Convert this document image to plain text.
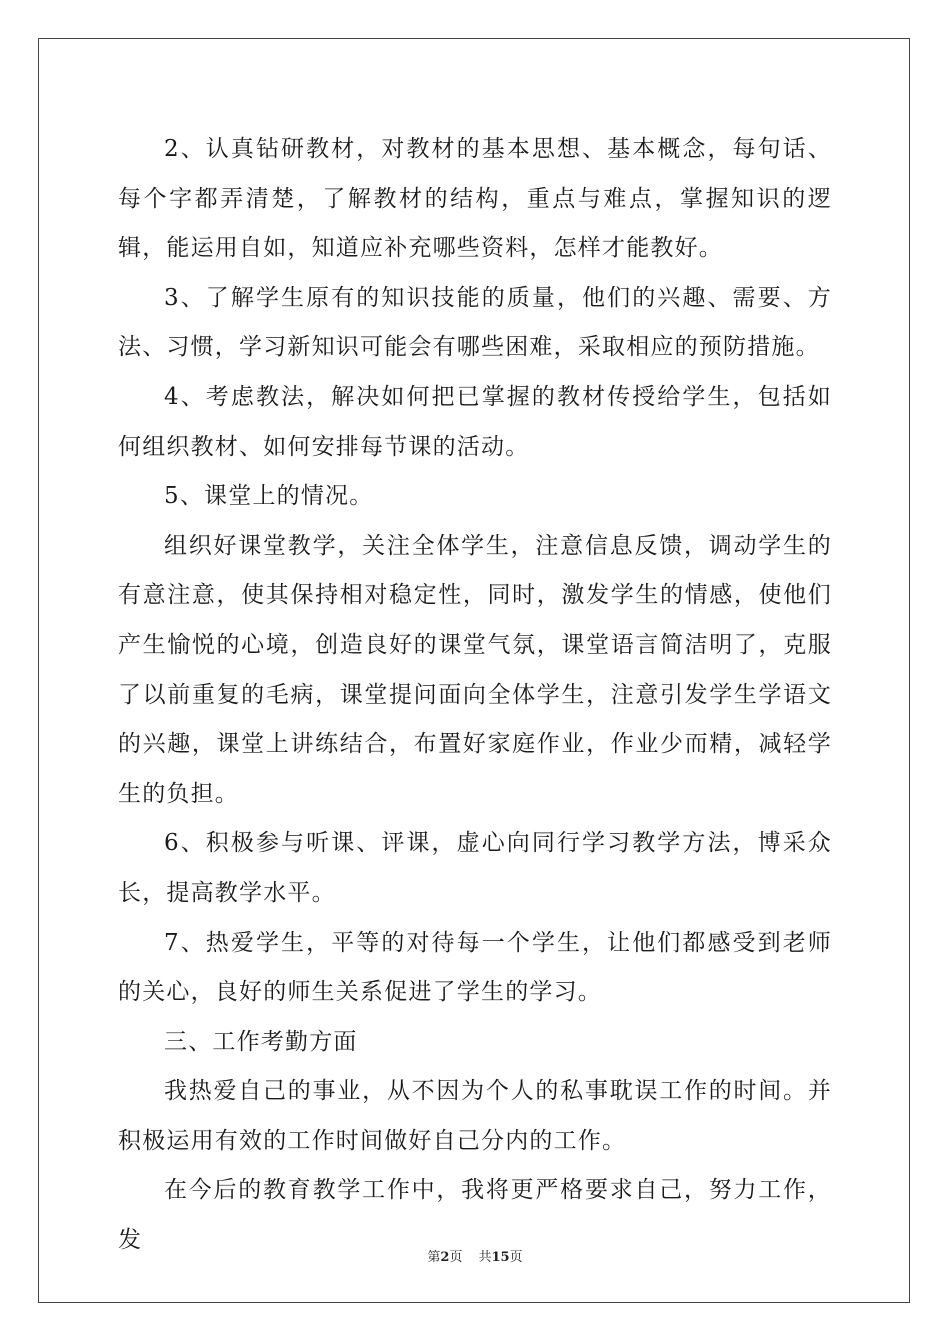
2、认真钻研教材，对教材的基本思想、基本概念，每句话、每个字都弄清楚，了解教材的结构，重点与难点，掌握知识的逻辑，能运用自如，知道应补充哪些资料，怎样才能教好。

3、了解学生原有的知识技能的质量，他们的兴趣、需要、方法、习惯，学习新知识可能会有哪些困难，采取相应的预防措施。

4、考虑教法，解决如何把已掌握的教材传授给学生，包括如何组织教材、如何安排每节课的活动。

5、课堂上的情况。

组织好课堂教学，关注全体学生，注意信息反馈，调动学生的有意注意，使其保持相对稳定性，同时，激发学生的情感，使他们产生愉悦的心境，创造良好的课堂气氛，课堂语言简洁明了，克服了以前重复的毛病，课堂提问面向全体学生，注意引发学生学语文的兴趣，课堂上讲练结合，布置好家庭作业，作业少而精，减轻学生的负担。

6、积极参与听课、评课，虚心向同行学习教学方法，博采众长，提高教学水平。

7、热爱学生，平等的对待每一个学生，让他们都感受到老师的关心，良好的师生关系促进了学生的学习。

三、工作考勤方面

我热爱自己的事业，从不因为个人的私事耽误工作的时间。并积极运用有效的工作时间做好自己分内的工作。

在今后的教育教学工作中，我将更严格要求自己，努力工作，发

第2页 共15页
